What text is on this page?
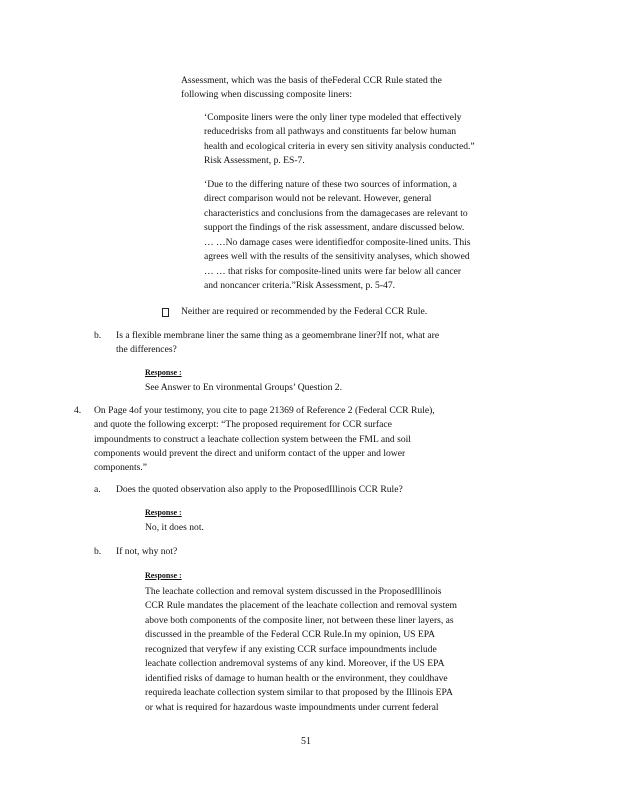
Assessment, which was the basis of theFederal CCR Rule stated the
following when discussing composite liners:
‘Composite liners were the only liner type modeled that effectively
reducedrisks from all pathways and constituents far below human
health and ecological criteria in every sen sitivity analysis conducted.”
Risk Assessment, p. ES-7.
‘Due to the differing nature of these two sources of information, a
direct comparison would not be relevant. However, general
characteristics and conclusions from the damagecases are relevant to
support the findings of the risk assessment, andare discussed below.
… …No damage cases were identifiedfor composite-lined units. This
agrees well with the results of the sensitivity analyses, which showed
… … that risks for composite-lined units were far below all cancer
and noncancer criteria.”Risk Assessment, p. 5-47.
Neither are required or recommended by the Federal CCR Rule.
b. Is a flexible membrane liner the same thing as a geomembrane liner?If not, what are
the differences?
Response :
See Answer to En vironmental Groups’ Question 2.
4. On Page 4of your testimony, you cite to page 21369 of Reference 2 (Federal CCR Rule),
and quote the following excerpt: “The proposed requirement for CCR surface
impoundments to construct a leachate collection system between the FML and soil
components would prevent the direct and uniform contact of the upper and lower
components.”
a. Does the quoted observation also apply to the ProposedIllinois CCR Rule?
Response :
No, it does not.
b. If not, why not?
Response :
The leachate collection and removal system discussed in the ProposedIllinois
CCR Rule mandates the placement of the leachate collection and removal system
above both components of the composite liner, not between these liner layers, as
discussed in the preamble of the Federal CCR Rule.In my opinion, US EPA
recognized that veryfew if any existing CCR surface impoundments include
leachate collection andremoval systems of any kind. Moreover, if the US EPA
identified risks of damage to human health or the environment, they couldhave
requireda leachate collection system similar to that proposed by the Illinois EPA
or what is required for hazardous waste impoundments under current federal
51
